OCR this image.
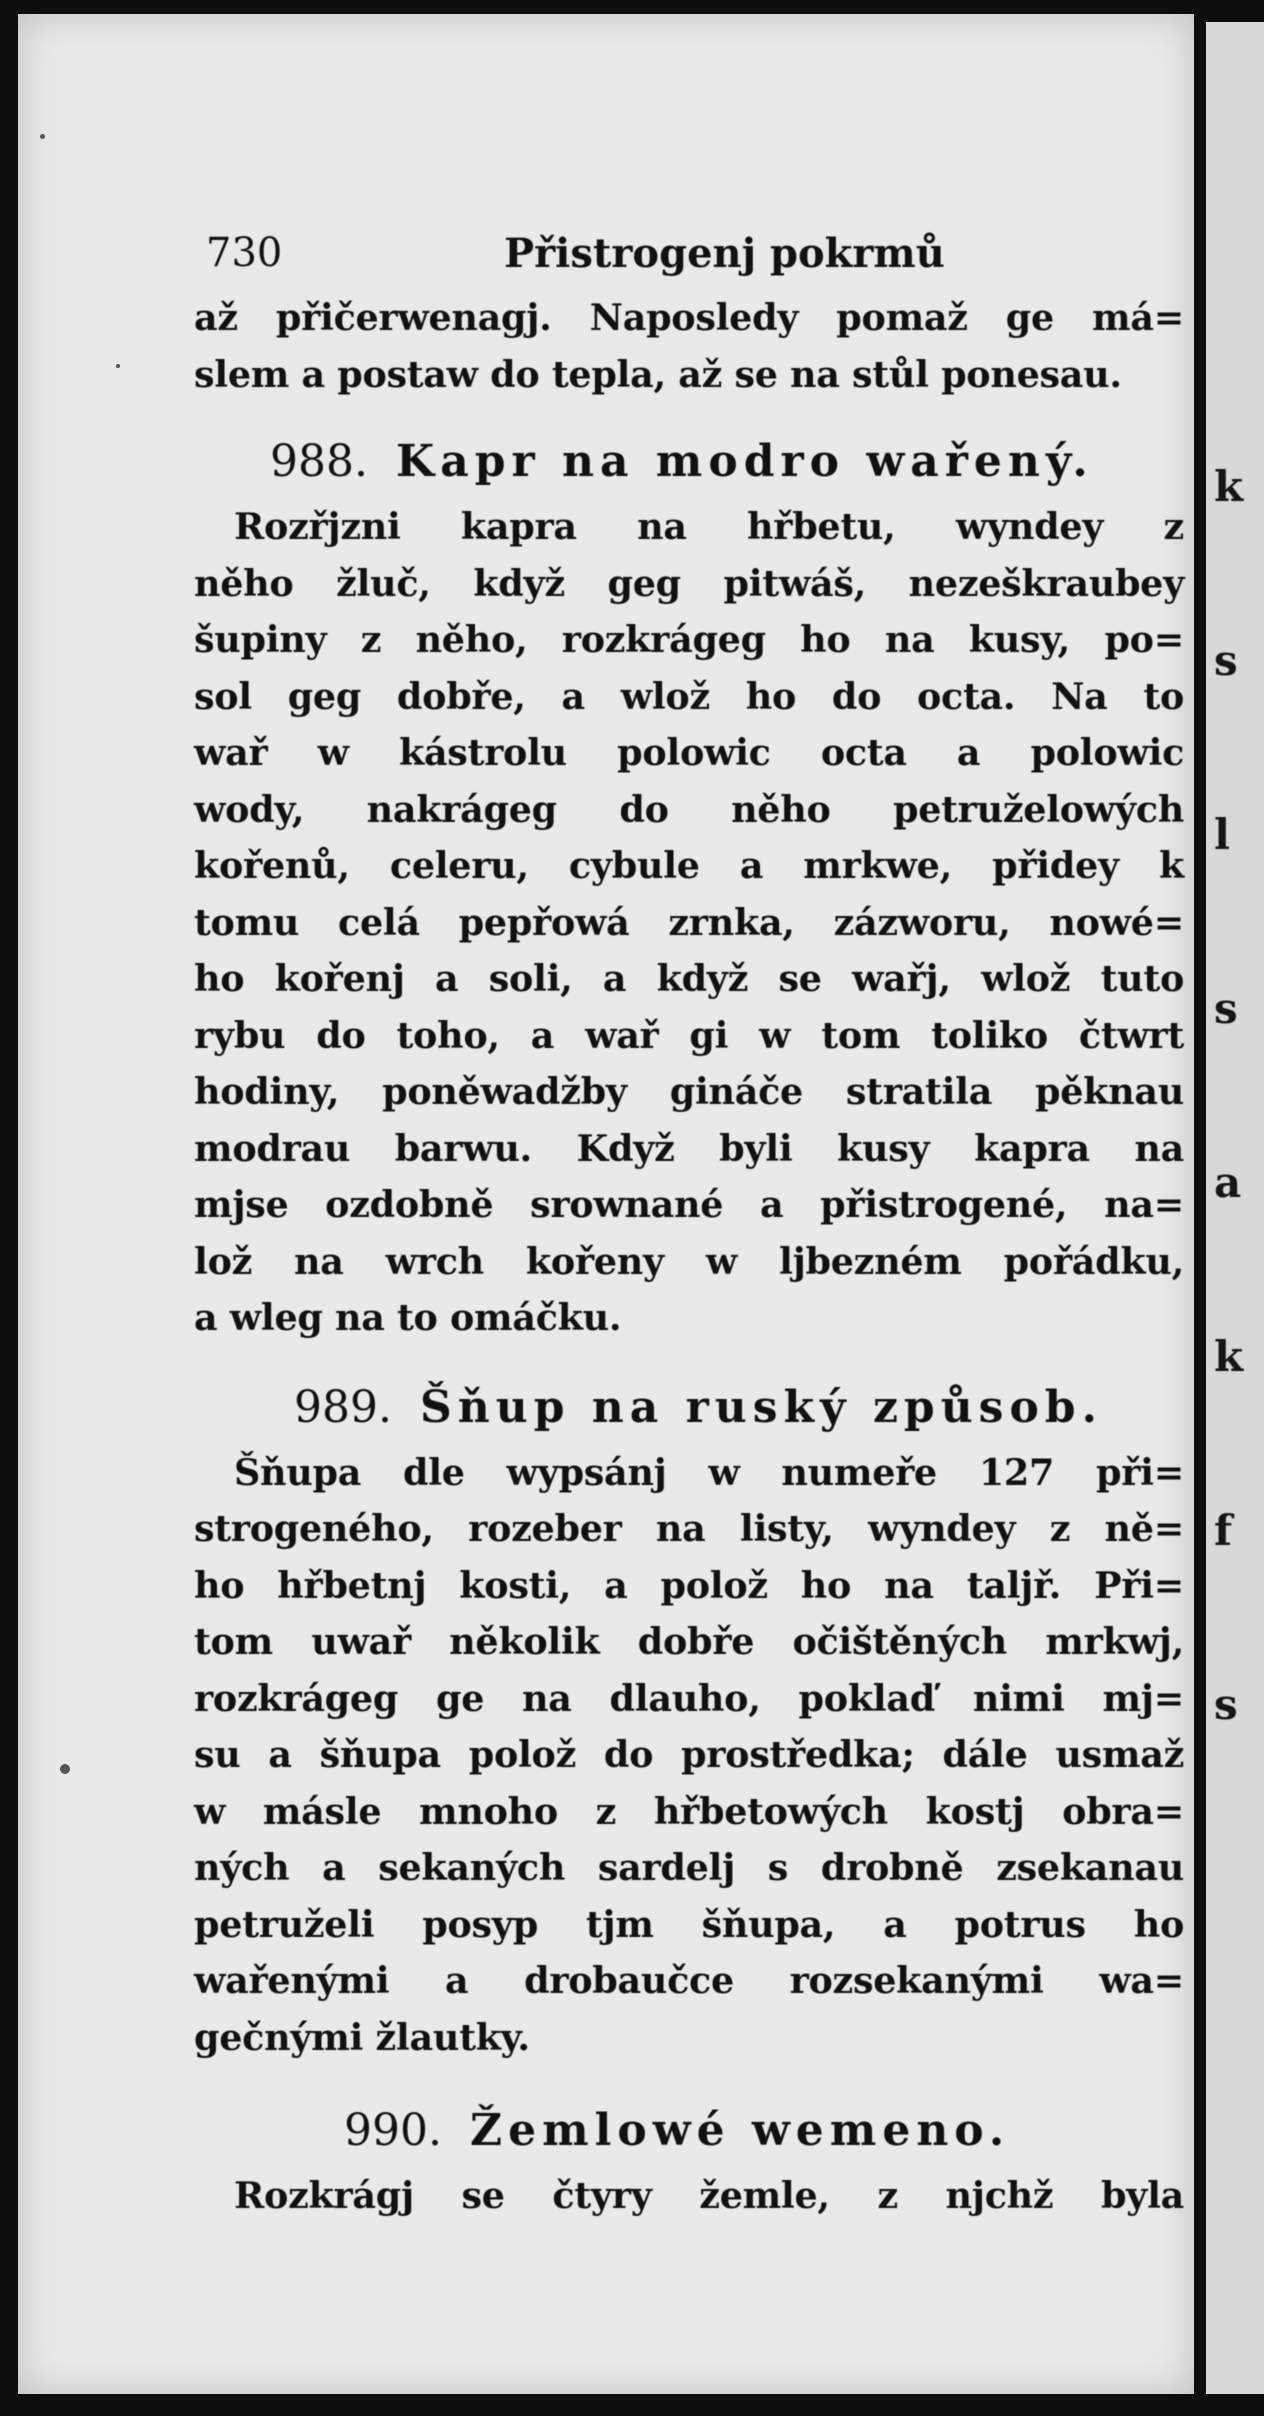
730	Přistrogenj pokrmů
až přičerwenagj. Naposledy pomaž ge má=
slem a postaw do tepla, až se na stůl ponesau.
988. Kapr na modro wařený.
Rozřjzni kapra na hřbetu, wyndey z
něho žluč, když geg pitwáš, nezeškraubey
šupiny z něho, rozkrágeg ho na kusy, po=
sol geg dobře, a wlož ho do octa. Na to
wař w kástrolu polowic octa a polowic
wody, nakrágeg do něho petruželowých
kořenů, celeru, cybule a mrkwe, přidey k
tomu celá pepřowá zrnka, zázworu, nowé=
ho kořenj a soli, a když se wařj, wlož tuto
rybu do toho, a wař gi w tom toliko čtwrt
hodiny, poněwadžby gináče stratila pěknau
modrau barwu. Když byli kusy kapra na
mjse ozdobně srownané a přistrogené, na=
lož na wrch kořeny w ljbezném pořádku,
a wleg na to omáčku.
989. Šňup na ruský způsob.
Šňupa dle wypsánj w numeře 127 při=
strogeného, rozeber na listy, wyndey z ně=
ho hřbetnj kosti, a polož ho na talјř. Při=
tom uwař několik dobře očištěných mrkwj,
rozkrágeg ge na dlauho, poklaď nimi mj=
su a šňupa polož do prostředka; dále usmaž
w másle mnoho z hřbetowých kostj obra=
ných a sekaných sardelj s drobně zsekanau
petruželi posyp tjm šňupa, a potrus ho
wařenými a drobaučce rozsekanými wa=
gečnými žlautky.
990. Žemlowé wemeno.
Rozkrágj se čtyry žemle, z njchž byla

k

s

l

s

a

k

f

s
